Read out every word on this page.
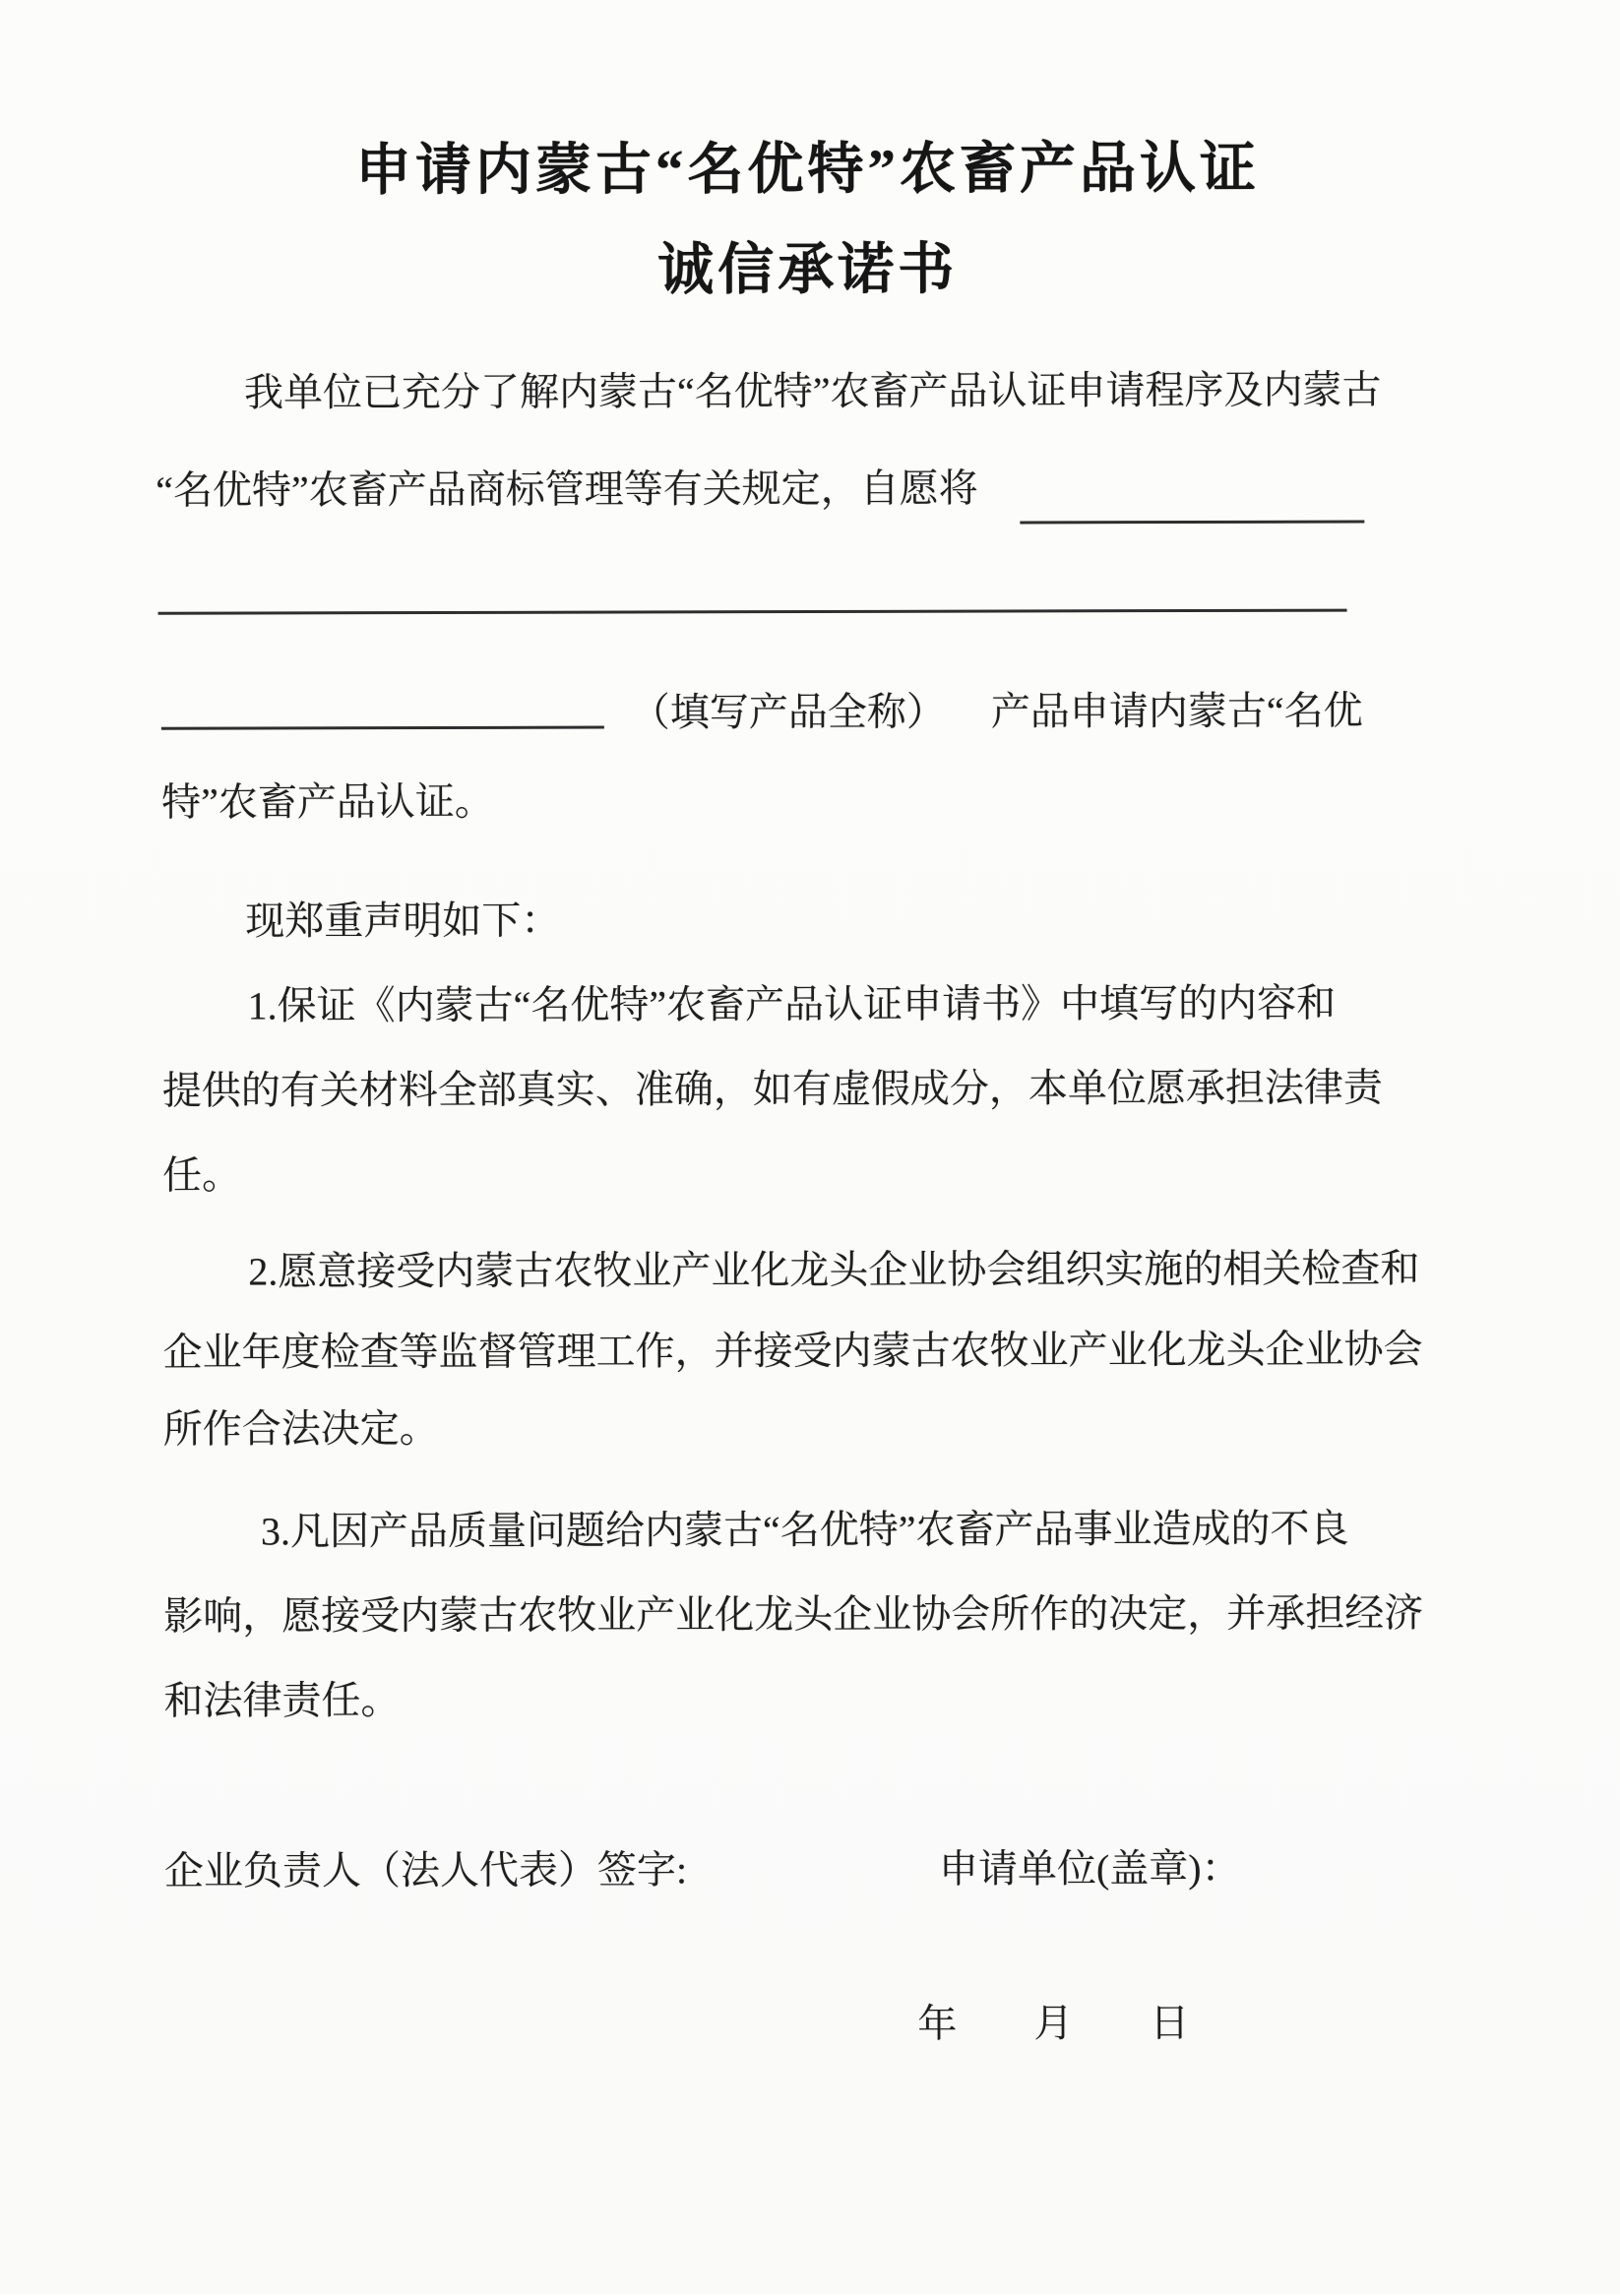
申请内蒙古“名优特”农畜产品认证
诚信承诺书
我单位已充分了解内蒙古“名优特”农畜产品认证申请程序及内蒙古
“名优特”农畜产品商标管理等有关规定，自愿将
（填写产品全称） 产品申请内蒙古“名优
特”农畜产品认证。
现郑重声明如下：
1.保证《内蒙古“名优特”农畜产品认证申请书》中填写的内容和
提供的有关材料全部真实、准确，如有虚假成分，本单位愿承担法律责
任。
2.愿意接受内蒙古农牧业产业化龙头企业协会组织实施的相关检查和
企业年度检查等监督管理工作，并接受内蒙古农牧业产业化龙头企业协会
所作合法决定。
3.凡因产品质量问题给内蒙古“名优特”农畜产品事业造成的不良
影响，愿接受内蒙古农牧业产业化龙头企业协会所作的决定，并承担经济
和法律责任。
企业负责人（法人代表）签字:	申请单位(盖章)：
年 月 日
